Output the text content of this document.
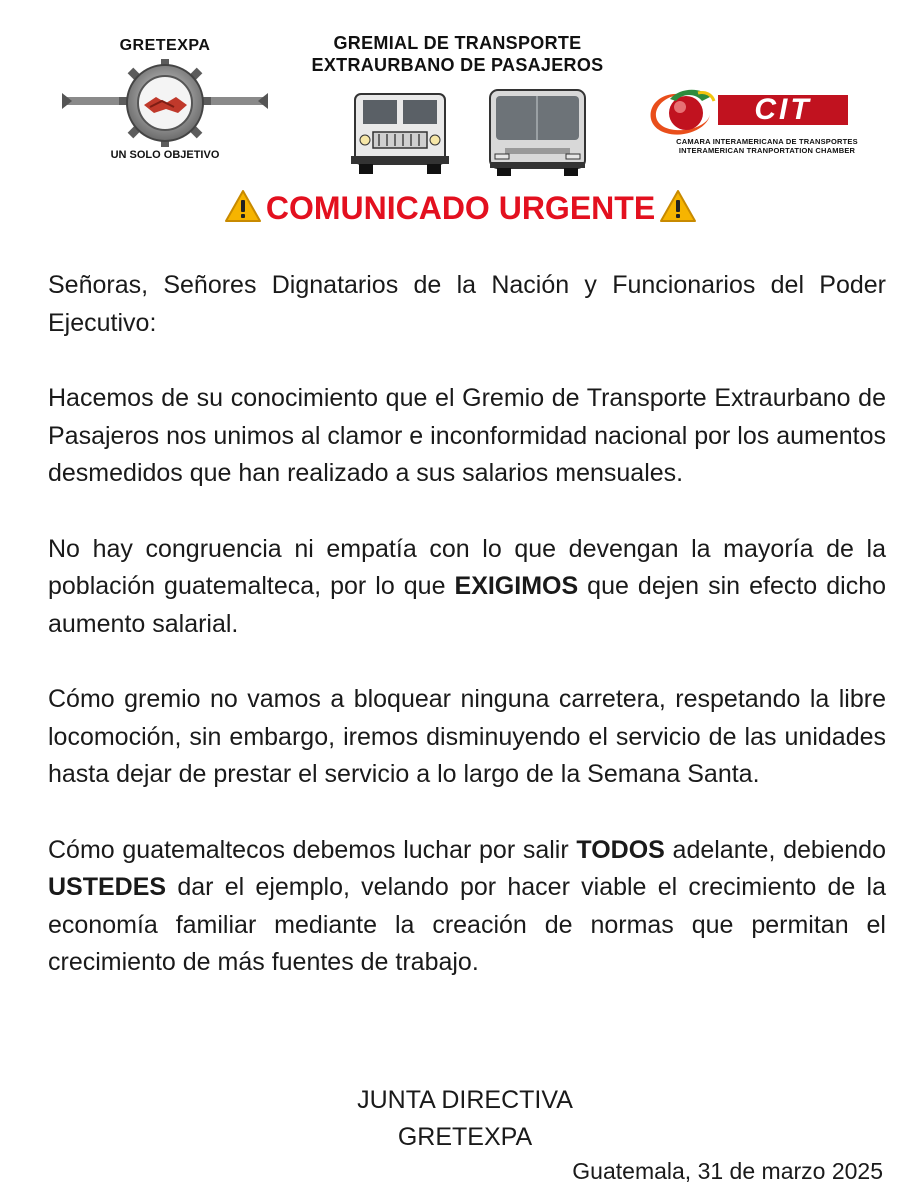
GRETEXPA
UN SOLO OBJETIVO
GREMIAL DE TRANSPORTE
EXTRAURBANO DE PASAJEROS
CIT
CAMARA INTERAMERICANA DE TRANSPORTES
INTERAMERICAN TRANPORTATION CHAMBER
COMUNICADO URGENTE

Señoras, Señores Dignatarios de la Nación y Funcionarios del Poder Ejecutivo:

Hacemos de su conocimiento que el Gremio de Transporte Extraurbano de Pasajeros nos unimos al clamor e inconformidad nacional por los aumentos desmedidos que han realizado a sus salarios mensuales.

No hay congruencia ni empatía con lo que devengan la mayoría de la población guatemalteca, por lo que EXIGIMOS que dejen sin efecto dicho aumento salarial.

Cómo gremio no vamos a bloquear ninguna carretera, respetando la libre locomoción, sin embargo, iremos disminuyendo el servicio de las unidades hasta dejar de prestar el servicio a lo largo de la Semana Santa.

Cómo guatemaltecos debemos luchar por salir TODOS adelante, debiendo USTEDES dar el ejemplo, velando por hacer viable el crecimiento de la economía familiar mediante la creación de normas que permitan el crecimiento de más fuentes de trabajo.

JUNTA DIRECTIVA
GRETEXPA
Guatemala, 31 de marzo 2025
